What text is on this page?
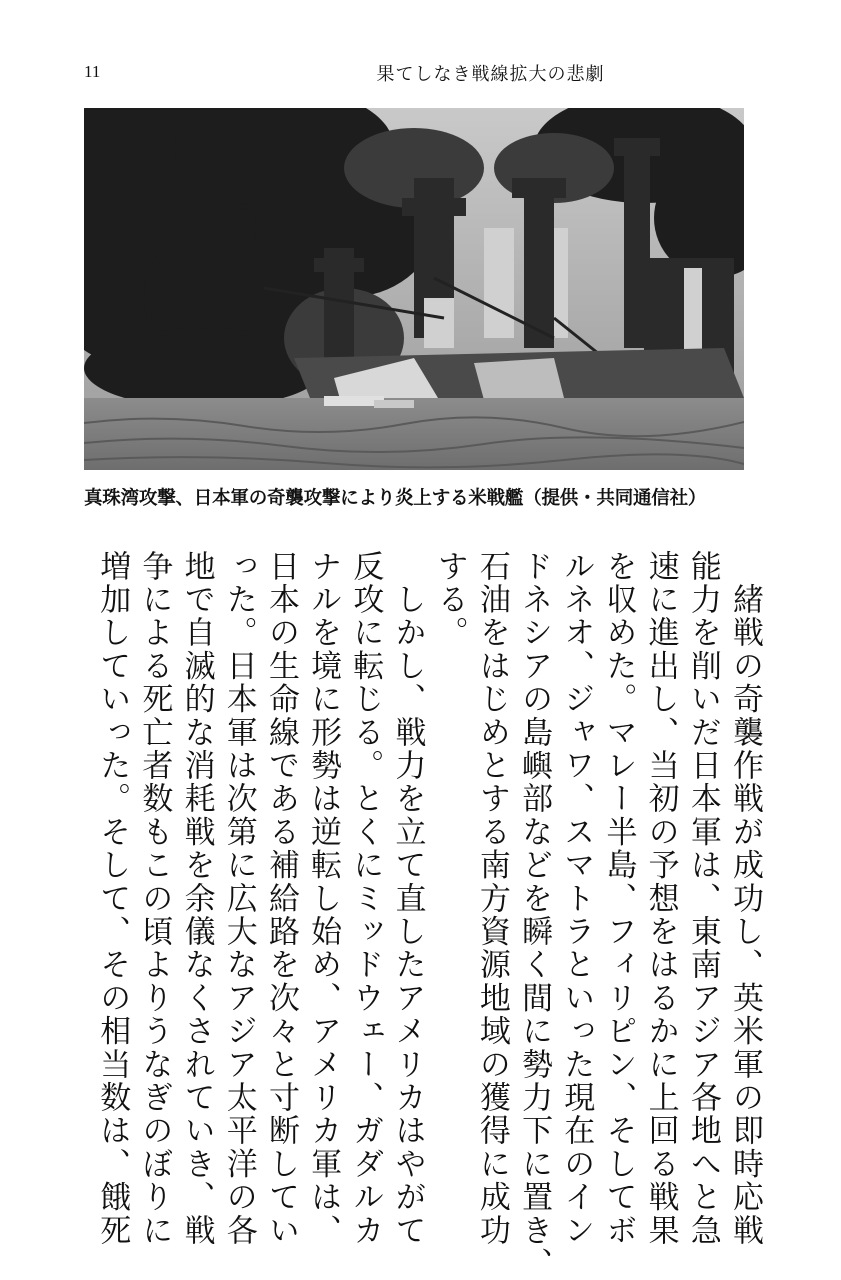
11	果てしなき戦線拡大の悲劇
真珠湾攻撃、日本軍の奇襲攻撃により炎上する米戦艦（提供・共同通信社）
　緒戦の奇襲作戦が成功し、英米軍の即時応戦
能力を削いだ日本軍は、東南アジア各地へと急
速に進出し、当初の予想をはるかに上回る戦果
を収めた。マレー半島、フィリピン、そしてボ
ルネオ、ジャワ、スマトラといった現在のイン
ドネシアの島嶼部などを瞬く間に勢力下に置き、
石油をはじめとする南方資源地域の獲得に成功
する。
　しかし、戦力を立て直したアメリカはやがて
反攻に転じる。とくにミッドウェー、ガダルカ
ナルを境に形勢は逆転し始め、アメリカ軍は、
日本の生命線である補給路を次々と寸断してい
った。日本軍は次第に広大なアジア太平洋の各
地で自滅的な消耗戦を余儀なくされていき、戦
争による死亡者数もこの頃よりうなぎのぼりに
増加していった。そして、その相当数は、餓死
